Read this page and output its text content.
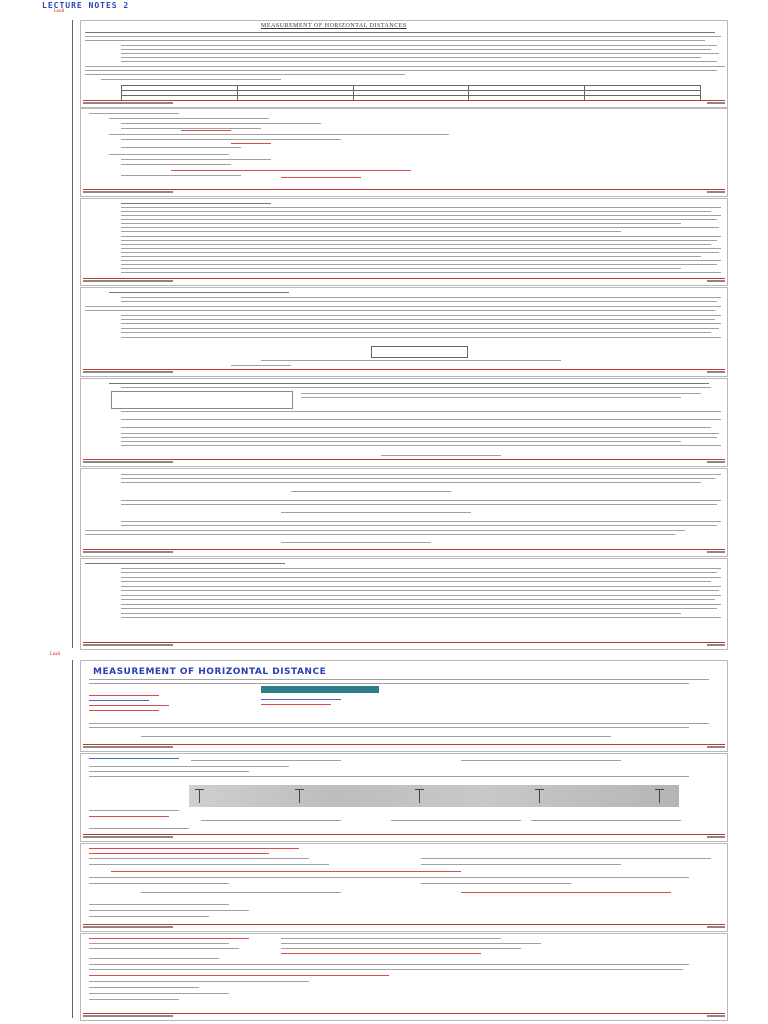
LECTURE NOTES 2
Leali
MEASUREMENT OF HORIZONTAL DISTANCES

Leali
MEASUREMENT OF HORIZONTAL DISTANCE
